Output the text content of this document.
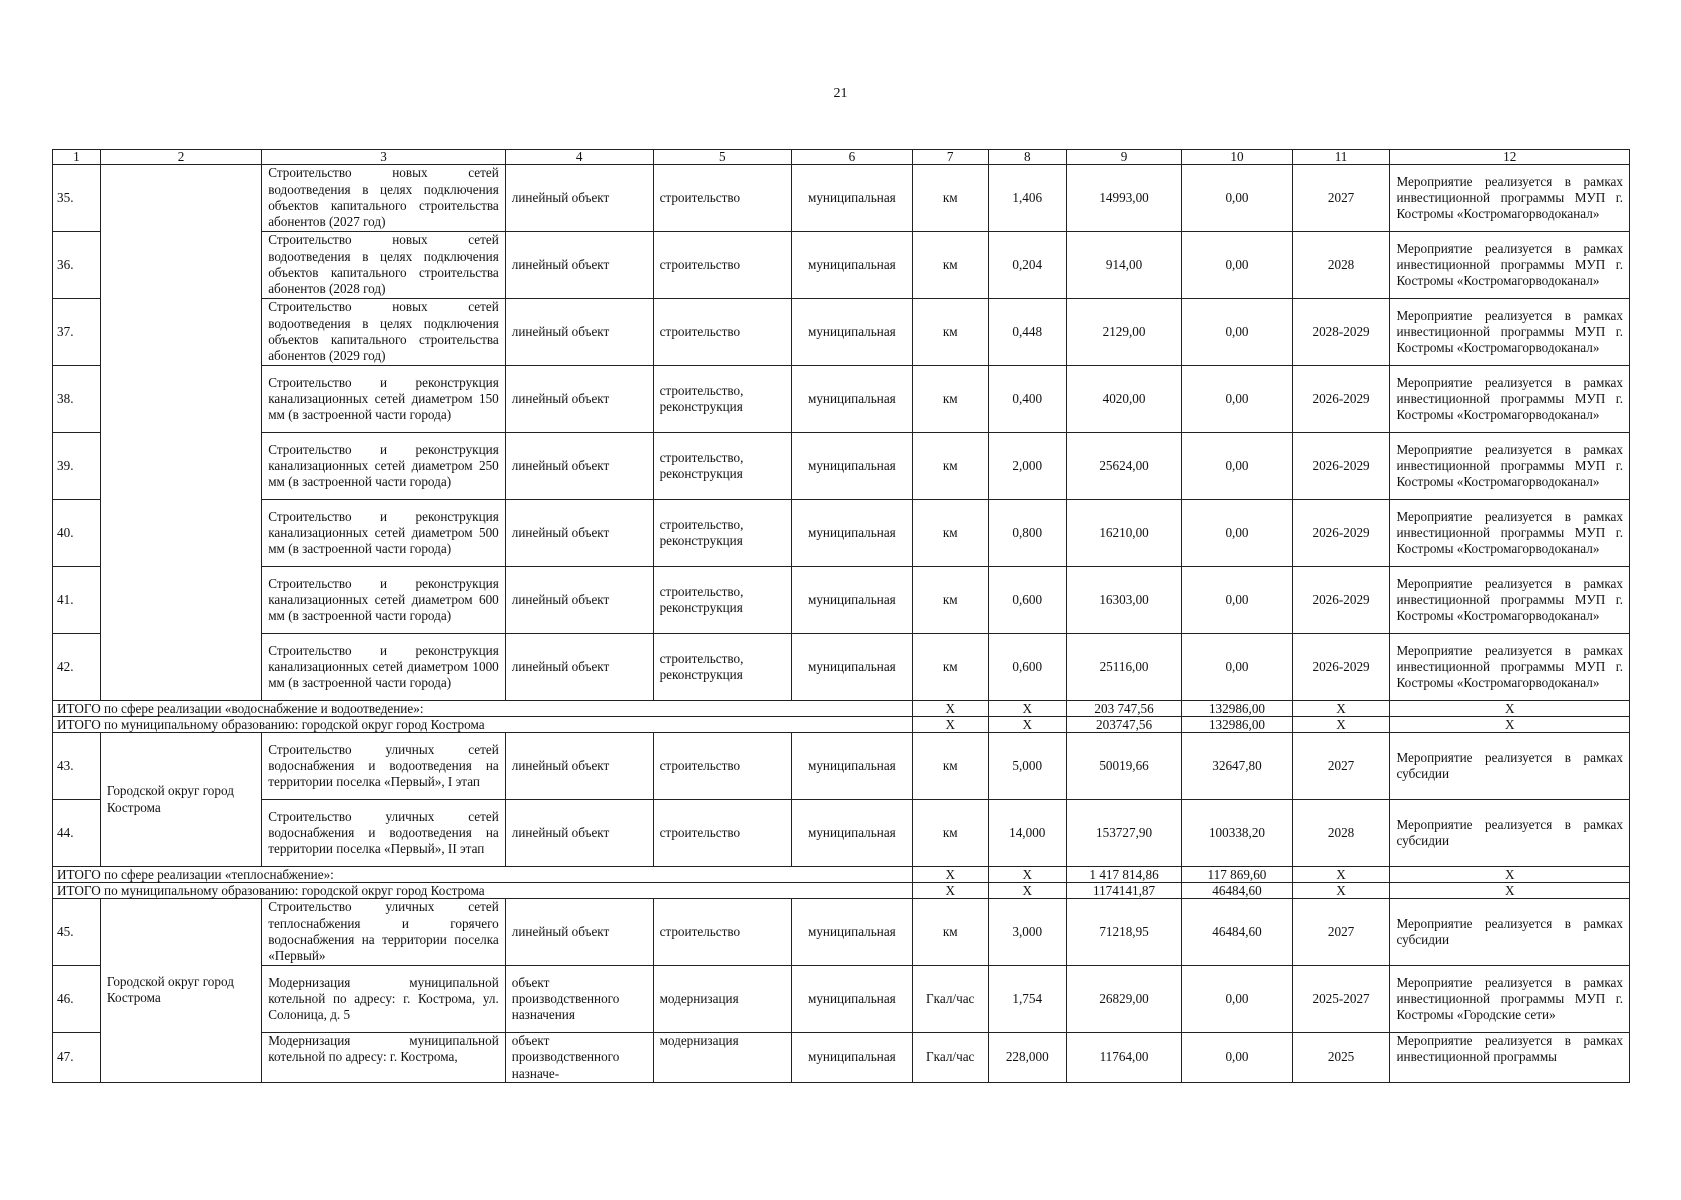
21
1	2	3	4	5	6	7	8	9	10	11	12
35.		Строительство новых сетей водоотведения в целях подключения объектов капитального строительства абонентов (2027 год)	линейный объект	строительство	муниципальная	км	1,406	14993,00	0,00	2027	Мероприятие реализуется в рамках инвестиционной программы МУП г. Костромы «Костромагорводоканал»
36.		Строительство новых сетей водоотведения в целях подключения объектов капитального строительства абонентов (2028 год)	линейный объект	строительство	муниципальная	км	0,204	914,00	0,00	2028	Мероприятие реализуется в рамках инвестиционной программы МУП г. Костромы «Костромагорводоканал»
37.		Строительство новых сетей водоотведения в целях подключения объектов капитального строительства абонентов (2029 год)	линейный объект	строительство	муниципальная	км	0,448	2129,00	0,00	2028-2029	Мероприятие реализуется в рамках инвестиционной программы МУП г. Костромы «Костромагорводоканал»
38.		Строительство и реконструкция канализационных сетей диаметром 150 мм (в застроенной части города)	линейный объект	строительство, реконструкция	муниципальная	км	0,400	4020,00	0,00	2026-2029	Мероприятие реализуется в рамках инвестиционной программы МУП г. Костромы «Костромагорводоканал»
39.		Строительство и реконструкция канализационных сетей диаметром 250 мм (в застроенной части города)	линейный объект	строительство, реконструкция	муниципальная	км	2,000	25624,00	0,00	2026-2029	Мероприятие реализуется в рамках инвестиционной программы МУП г. Костромы «Костромагорводоканал»
40.		Строительство и реконструкция канализационных сетей диаметром 500 мм (в застроенной части города)	линейный объект	строительство, реконструкция	муниципальная	км	0,800	16210,00	0,00	2026-2029	Мероприятие реализуется в рамках инвестиционной программы МУП г. Костромы «Костромагорводоканал»
41.		Строительство и реконструкция канализационных сетей диаметром 600 мм (в застроенной части города)	линейный объект	строительство, реконструкция	муниципальная	км	0,600	16303,00	0,00	2026-2029	Мероприятие реализуется в рамках инвестиционной программы МУП г. Костромы «Костромагорводоканал»
42.		Строительство и реконструкция канализационных сетей диаметром 1000 мм (в застроенной части города)	линейный объект	строительство, реконструкция	муниципальная	км	0,600	25116,00	0,00	2026-2029	Мероприятие реализуется в рамках инвестиционной программы МУП г. Костромы «Костромагорводоканал»
ИТОГО по сфере реализации «водоснабжение и водоотведение»:						X	X	203 747,56	132986,00	X	X
ИТОГО по муниципальному образованию: городской округ город Кострома						X	X	203747,56	132986,00	X	X
43.	Городской округ город Кострома	Строительство уличных сетей водоснабжения и водоотведения на территории поселка «Первый», I этап	линейный объект	строительство	муниципальная	км	5,000	50019,66	32647,80	2027	Мероприятие реализуется в рамках субсидии
44.		Строительство уличных сетей водоснабжения и водоотведения на территории поселка «Первый», II этап	линейный объект	строительство	муниципальная	км	14,000	153727,90	100338,20	2028	Мероприятие реализуется в рамках субсидии
ИТОГО по сфере реализации «теплоснабжение»:						X	X	1 417 814,86	117 869,60	X	X
ИТОГО по муниципальному образованию: городской округ город Кострома						X	X	1174141,87	46484,60	X	X
45.	Городской округ город Кострома	Строительство уличных сетей теплоснабжения и горячего водоснабжения на территории поселка «Первый»	линейный объект	строительство	муниципальная	км	3,000	71218,95	46484,60	2027	Мероприятие реализуется в рамках субсидии
46.		Модернизация муниципальной котельной по адресу: г. Кострома, ул. Солоница, д. 5	объект производственного назначения	модернизация	муниципальная	Гкал/час	1,754	26829,00	0,00	2025-2027	Мероприятие реализуется в рамках инвестиционной программы МУП г. Костромы «Городские сети»
47.		Модернизация муниципальной котельной по адресу: г. Кострома,	объект производственного назначе-	модернизация	муниципальная	Гкал/час	228,000	11764,00	0,00	2025	Мероприятие реализуется в рамках инвестиционной программы
